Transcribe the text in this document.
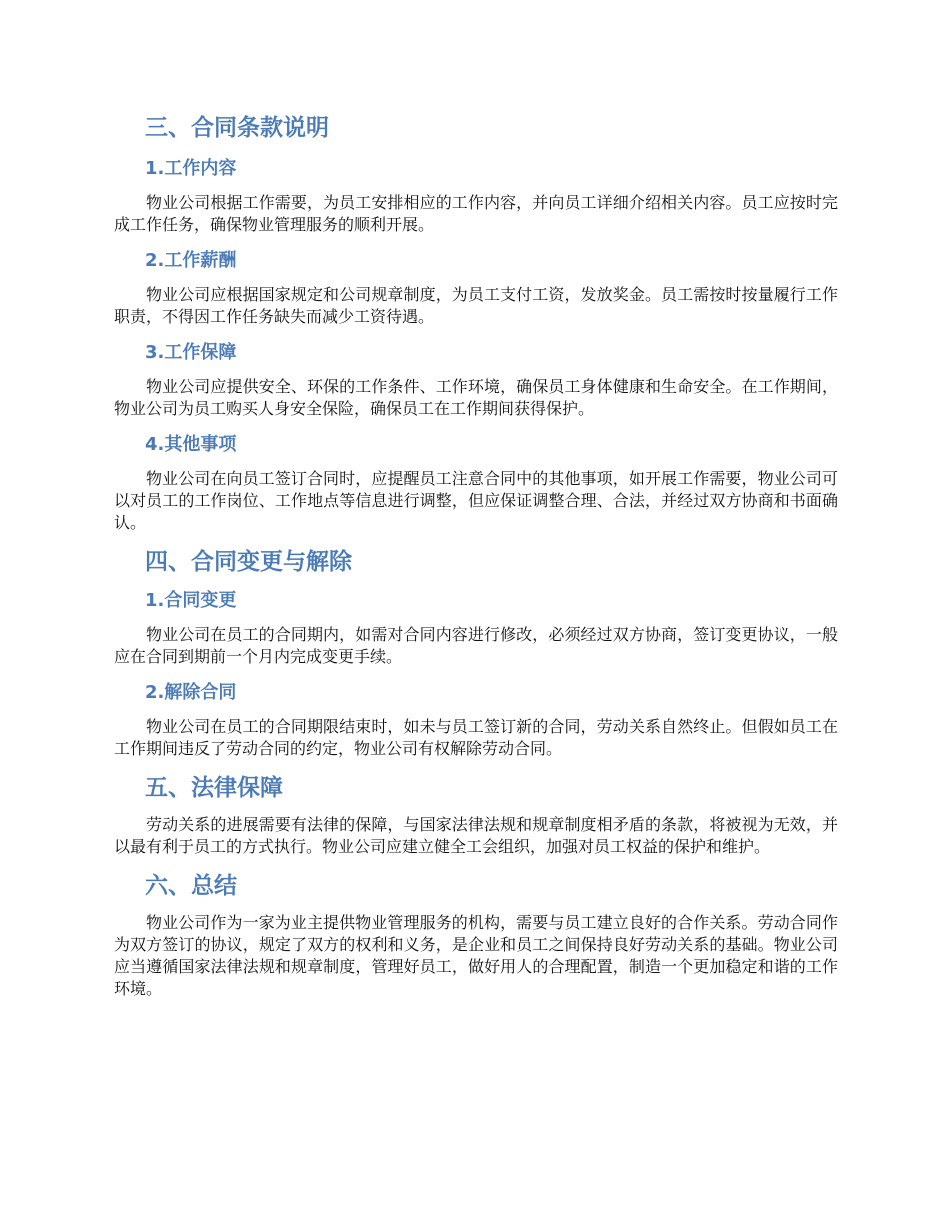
三、合同条款说明
1.工作内容

物业公司根据工作需要，为员工安排相应的工作内容，并向员工详细介绍相关内容。员工应按时完成工作任务，确保物业管理服务的顺利开展。

2.工作薪酬

物业公司应根据国家规定和公司规章制度，为员工支付工资，发放奖金。员工需按时按量履行工作职责，不得因工作任务缺失而减少工资待遇。

3.工作保障

物业公司应提供安全、环保的工作条件、工作环境，确保员工身体健康和生命安全。在工作期间，物业公司为员工购买人身安全保险，确保员工在工作期间获得保护。

4.其他事项

物业公司在向员工签订合同时，应提醒员工注意合同中的其他事项，如开展工作需要，物业公司可以对员工的工作岗位、工作地点等信息进行调整，但应保证调整合理、合法，并经过双方协商和书面确认。

四、合同变更与解除
1.合同变更

物业公司在员工的合同期内，如需对合同内容进行修改，必须经过双方协商，签订变更协议，一般应在合同到期前一个月内完成变更手续。

2.解除合同

物业公司在员工的合同期限结束时，如未与员工签订新的合同，劳动关系自然终止。但假如员工在工作期间违反了劳动合同的约定，物业公司有权解除劳动合同。

五、法律保障

劳动关系的进展需要有法律的保障，与国家法律法规和规章制度相矛盾的条款，将被视为无效，并以最有利于员工的方式执行。物业公司应建立健全工会组织，加强对员工权益的保护和维护。

六、总结

物业公司作为一家为业主提供物业管理服务的机构，需要与员工建立良好的合作关系。劳动合同作为双方签订的协议，规定了双方的权利和义务，是企业和员工之间保持良好劳动关系的基础。物业公司应当遵循国家法律法规和规章制度，管理好员工，做好用人的合理配置，制造一个更加稳定和谐的工作环境。
